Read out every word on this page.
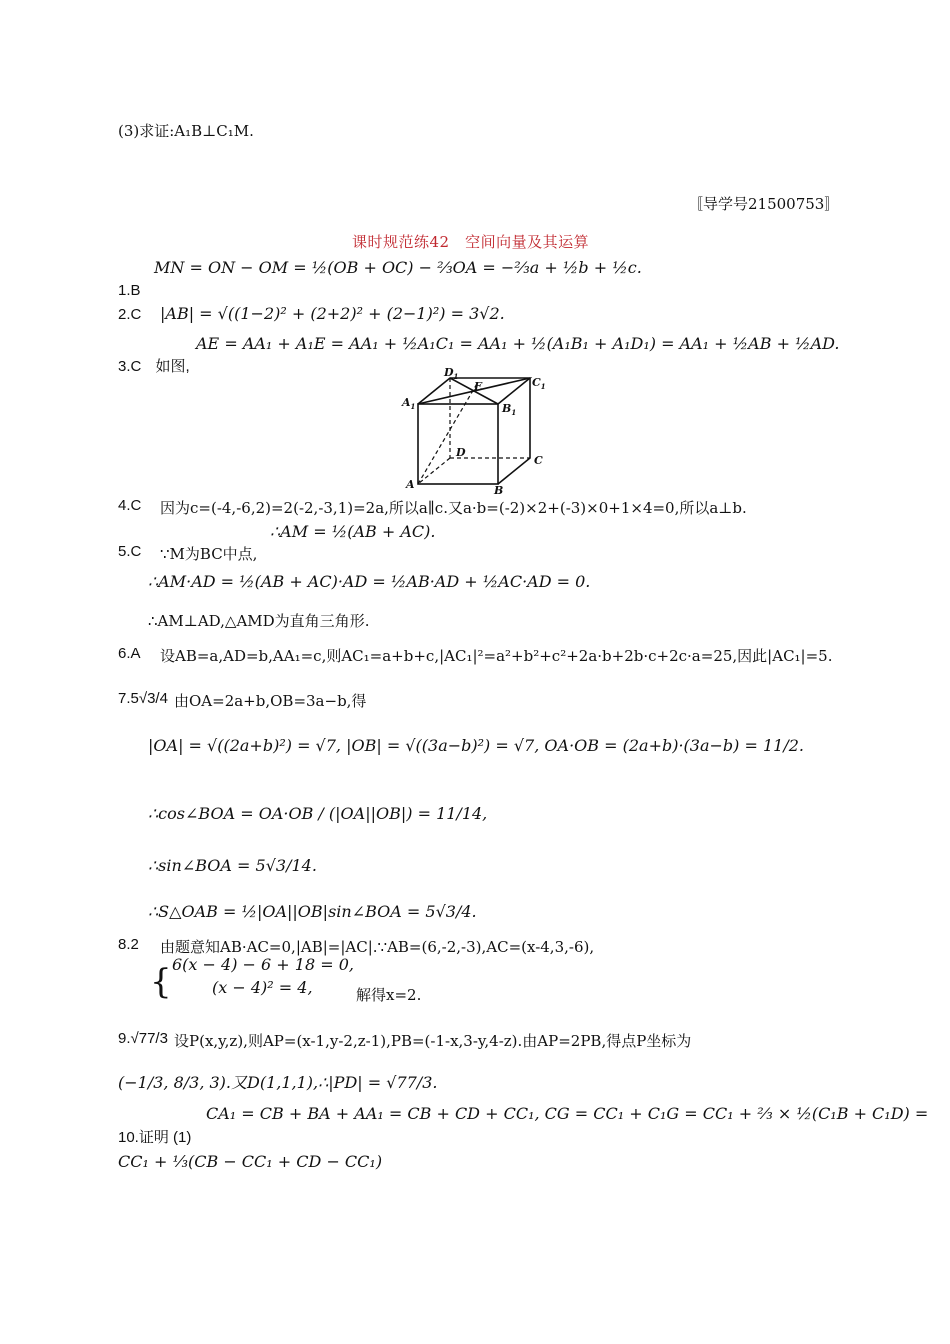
(3)求证:A₁B⊥C₁M.
〚导学号21500753〛
课时规范练42　空间向量及其运算
1.B
MN = ON − OM = ½(OB + OC) − ⅔OA = −⅔a + ½b + ½c.
2.C |AB| = √((1−2)² + (2+2)² + (2−1)²) = 3√2.
3.C 如图,
AE = AA₁ + A₁E = AA₁ + ½A₁C₁ = AA₁ + ½(A₁B₁ + A₁D₁) = AA₁ + ½AB + ½AD.
$A_1$	$B_1$
$C_1$
$D_1$
E
A	B
C
D
4.C 因为c=(-4,-6,2)=2(-2,-3,1)=2a,所以a∥c.又a·b=(-2)×2+(-3)×0+1×4=0,所以a⊥b.
5.C ∵M为BC中点,
∴AM = ½(AB + AC).
∴AM·AD = ½(AB + AC)·AD = ½AB·AD + ½AC·AD = 0.
∴AM⊥AD,△AMD为直角三角形.
6.A 设AB=a,AD=b,AA₁=c,则AC₁=a+b+c,|AC₁|²=a²+b²+c²+2a·b+2b·c+2c·a=25,因此|AC₁|=5.
7.5√3/4 由OA=2a+b,OB=3a−b,得
|OA| = √((2a+b)²) = √7, |OB| = √((3a−b)²) = √7, OA·OB = (2a+b)·(3a−b) = 11/2.
∴cos∠BOA = OA·OB / (|OA||OB|) = 11/14,
∴sin∠BOA = 5√3/14.
∴S△OAB = ½|OA||OB|sin∠BOA = 5√3/4.
8.2 由题意知AB·AC=0,|AB|=|AC|.∵AB=(6,-2,-3),AC=(x-4,3,-6),
{ 6(x − 4) − 6 + 18 = 0,
(x − 4)² = 4,	解得x=2.
9.√77/3 设P(x,y,z),则AP=(x-1,y-2,z-1),PB=(-1-x,3-y,4-z).由AP=2PB,得点P坐标为
(−1/3, 8/3, 3).又D(1,1,1),∴|PD| = √77/3.
10.证明 (1)
CA₁ = CB + BA + AA₁ = CB + CD + CC₁, CG = CC₁ + C₁G = CC₁ + ⅔ × ½(C₁B + C₁D) =
CC₁ + ⅓(CB − CC₁ + CD − CC₁)
